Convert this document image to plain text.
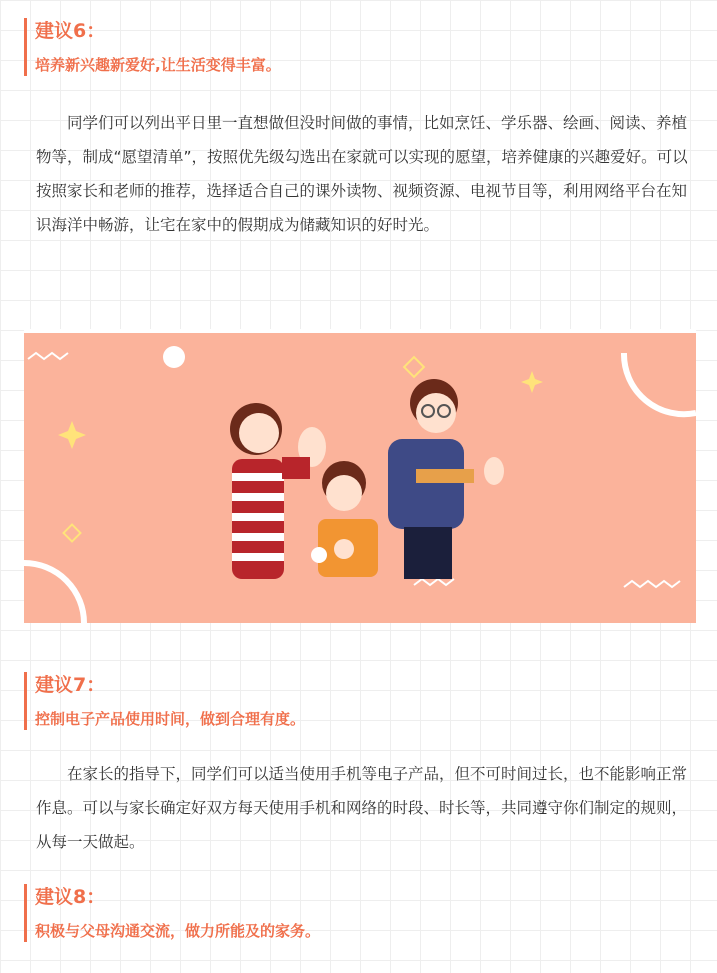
建议6：
培养新兴趣新爱好,让生活变得丰富。
同学们可以列出平日里一直想做但没时间做的事情，比如烹饪、学乐器、绘画、阅读、养植物等，制成“愿望清单”，按照优先级勾选出在家就可以实现的愿望，培养健康的兴趣爱好。可以按照家长和老师的推荐，选择适合自己的课外读物、视频资源、电视节目等，利用网络平台在知识海洋中畅游，让宅在家中的假期成为储藏知识的好时光。
建议7：
控制电子产品使用时间，做到合理有度。
在家长的指导下，同学们可以适当使用手机等电子产品，但不可时间过长，也不能影响正常作息。可以与家长确定好双方每天使用手机和网络的时段、时长等，共同遵守你们制定的规则，从每一天做起。
建议8：
积极与父母沟通交流，做力所能及的家务。
